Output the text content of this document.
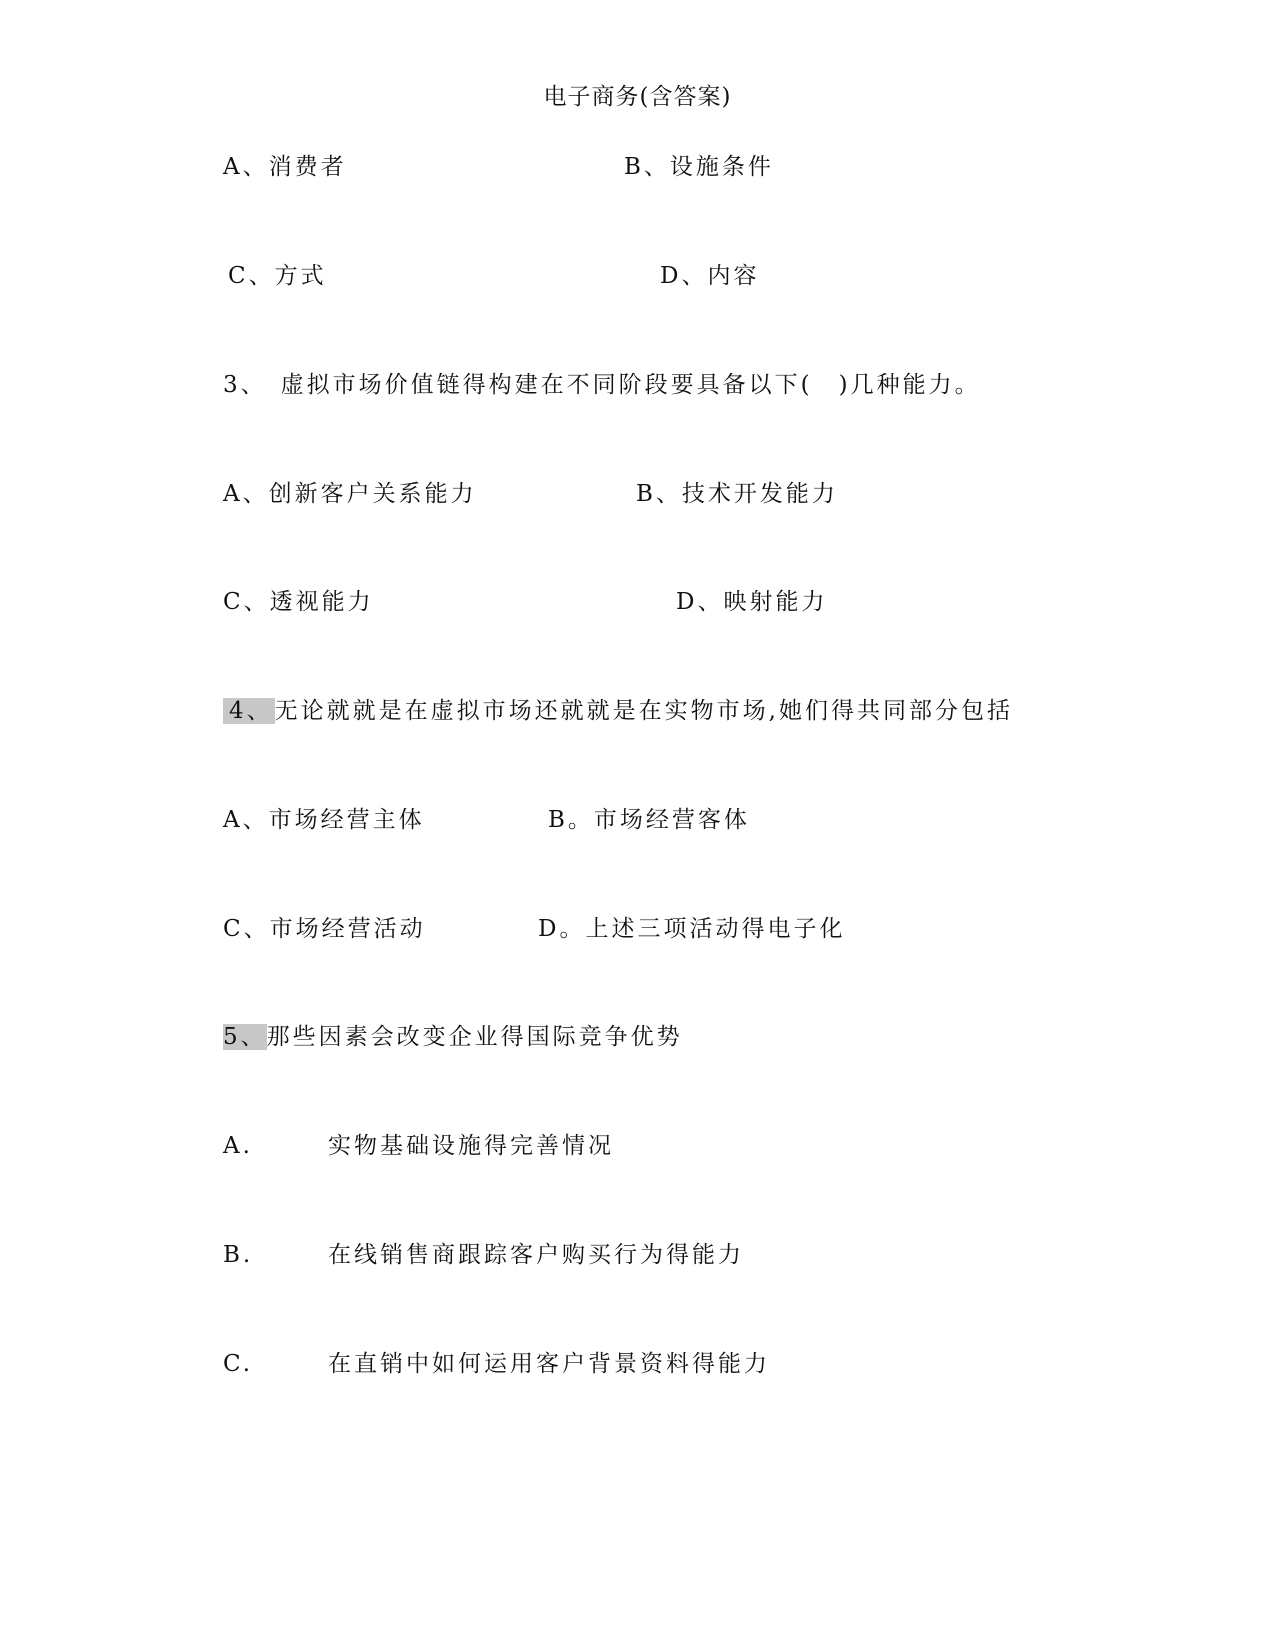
电子商务(含答案)
A、消费者	B、设施条件
C、方式	D、内容
3、 虚拟市场价值链得构建在不同阶段要具备以下(　)几种能力。
A、创新客户关系能力	B、技术开发能力
C、透视能力	D、映射能力
4、无论就就是在虚拟市场还就就是在实物市场,她们得共同部分包括
A、市场经营主体	B。市场经营客体
C、市场经营活动	D。上述三项活动得电子化
5、那些因素会改变企业得国际竞争优势
A.	实物基础设施得完善情况
B.	在线销售商跟踪客户购买行为得能力
C.	在直销中如何运用客户背景资料得能力
